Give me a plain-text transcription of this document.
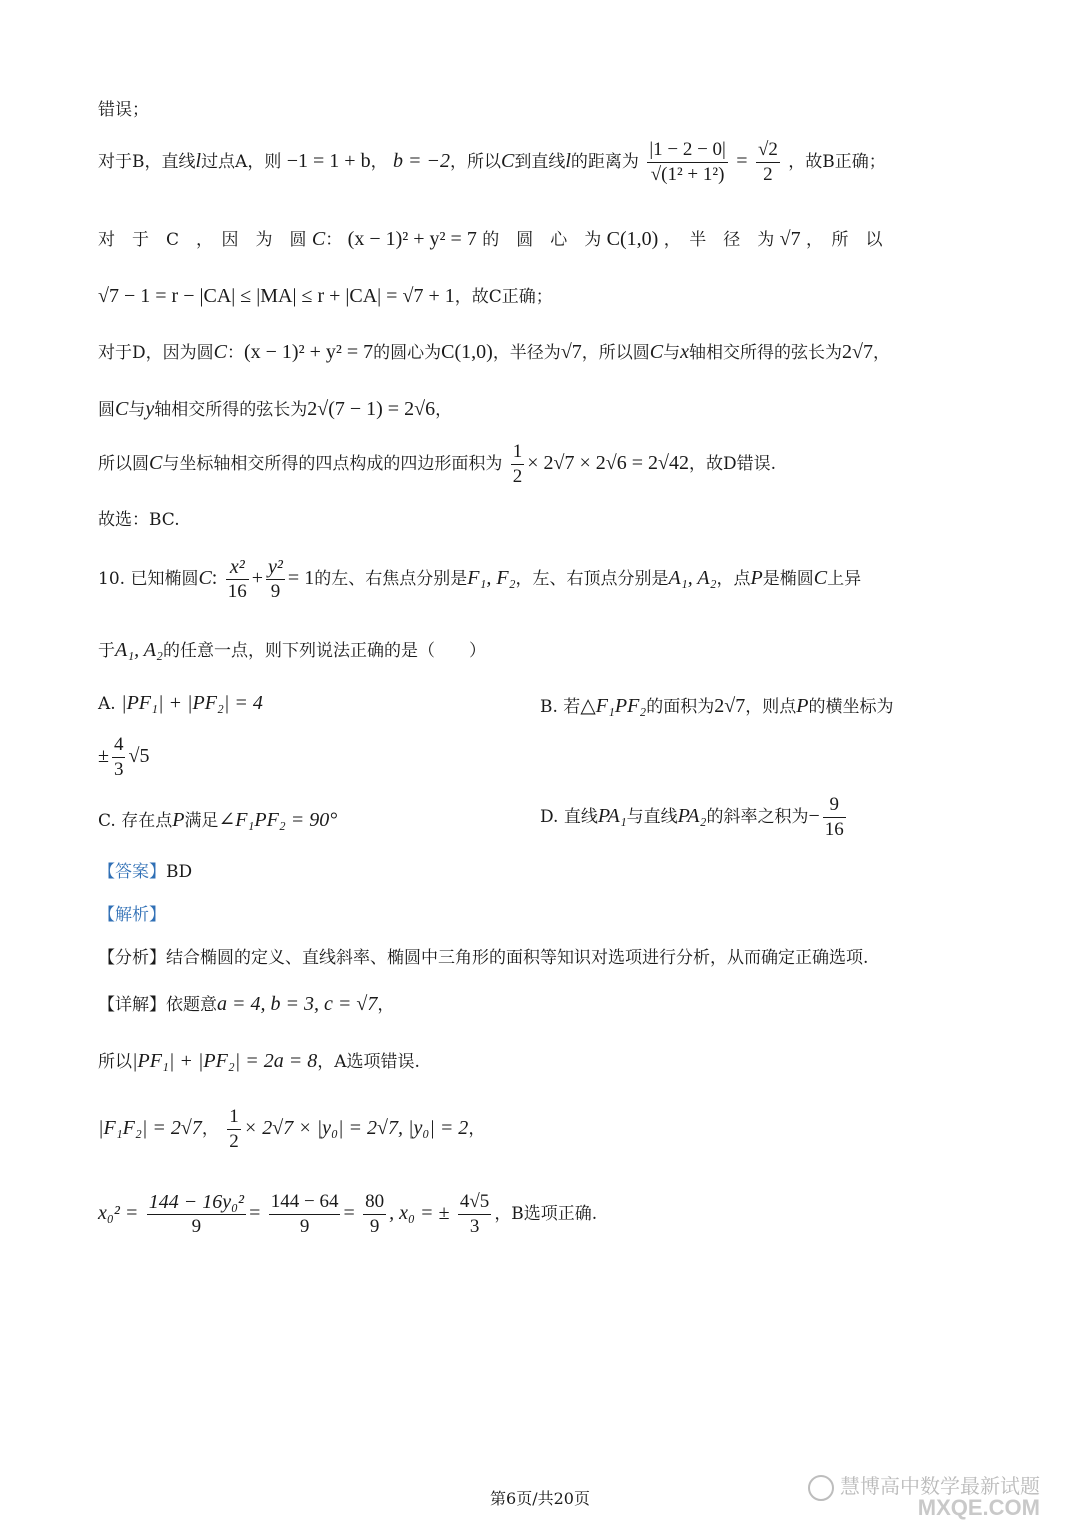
错误；
对于B，直线l过点A，则 −1 = 1 + b， b = −2，所以C到直线l的距离为 $\frac{|1 - 2 - 0|}{\text{√(1² + 1²)}} = \frac{√2}{2}$ ，故B正确；
对　于　C　，　因　为　圆 C： (x − 1)² + y² = 7 的　圆　心　为 C(1,0) ，　半　径　为 √7 ，　所　以
√7 − 1 = r − |CA| ≤ |MA| ≤ r + |CA| = √7 + 1，故C正确；
对于D，因为圆C：(x − 1)² + y² = 7的圆心为C(1,0)，半径为√7，所以圆C与x轴相交所得的弦长为2√7，
圆C与y轴相交所得的弦长为2√(7 − 1) = 2√6，
所以圆C与坐标轴相交所得的四点构成的四边形面积为 $\frac{1}{2} \times 2√7 \times 2√6 = 2√42$，故D错误.
故选：BC.
10. 已知椭圆C: $\frac{\text{x²}}{16} + \frac{\text{y²}}{9} = 1$的左、右焦点分别是F₁, F₂，左、右顶点分别是A₁, A₂，点P是椭圆C上异
于A₁, A₂的任意一点，则下列说法正确的是（　　）
A. |PF₁| + |PF₂| = 4	B. 若△F₁PF₂的面积为2√7，则点P的横坐标为
± $\frac{4}{3} √5$
C. 存在点P满足∠F₁PF₂ = 90°	D. 直线PA₁与直线PA₂的斜率之积为− $\frac{9}{16}$
【答案】BD
【解析】
【分析】结合椭圆的定义、直线斜率、椭圆中三角形的面积等知识对选项进行分析，从而确定正确选项.
【详解】依题意a = 4, b = 3, c = √7，
所以|PF₁| + |PF₂| = 2a = 8，A选项错误.
|F₁F₂| = 2√7， $\frac{1}{2} \times 2√7 \times |y_0| = 2√7$, |y₀| = 2，
$x_0^2 = \frac{\text{144 − 16y₀²}}{9} = \frac{144 - 64}{9} = \frac{80}{9}$ , x₀ = ± $\frac{4√5}{3}$ ，B选项正确.
第6页/共20页
慧博高中数学最新试题
MXQE.COM
